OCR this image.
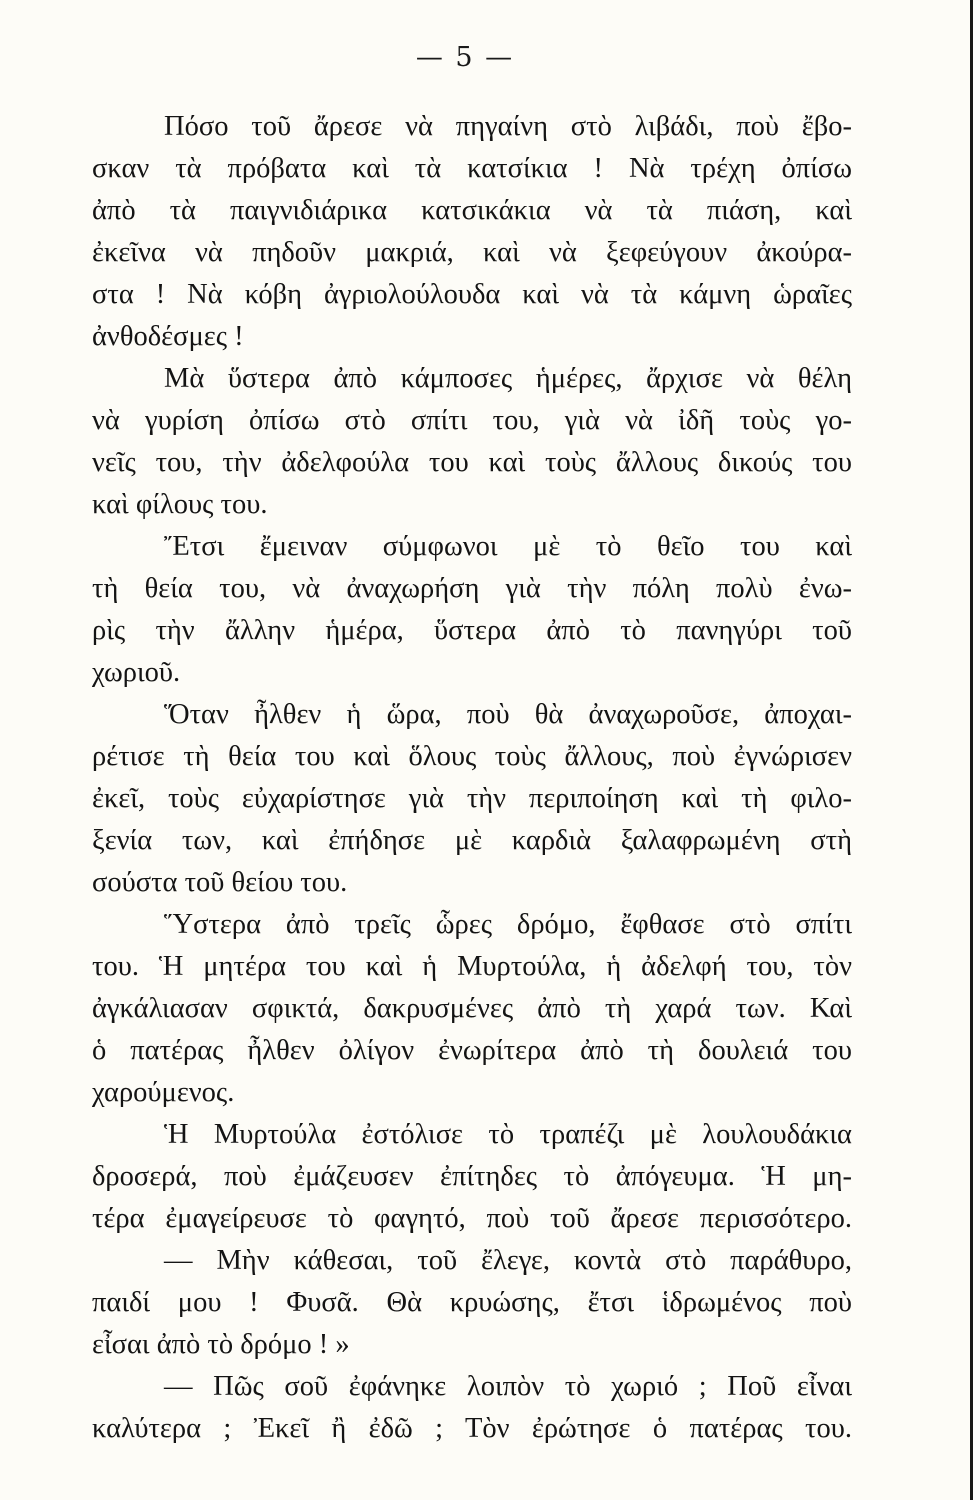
— 5 —
Πόσο τοῦ ἄρεσε νὰ πηγαίνη στὸ λιβάδι, ποὺ ἔβο-
σκαν τὰ πρόβατα καὶ τὰ κατσίκια ! Νὰ τρέχη ὀπίσω
ἀπὸ τὰ παιγνιδιάρικα κατσικάκια νὰ τὰ πιάση, καὶ
ἐκεῖνα νὰ πηδοῦν μακριά, καὶ νὰ ξεφεύγουν ἀκούρα-
στα ! Νὰ κόβη ἀγριολούλουδα καὶ νὰ τὰ κάμνη ὡραῖες
ἀνθοδέσμες !
Μὰ ὕστερα ἀπὸ κάμποσες ἡμέρες, ἄρχισε νὰ θέλη
νὰ γυρίση ὀπίσω στὸ σπίτι του, γιὰ νὰ ἰδῆ τοὺς γο-
νεῖς του, τὴν ἀδελφούλα του καὶ τοὺς ἄλλους δικούς του
καὶ φίλους του.
Ἔτσι ἔμειναν σύμφωνοι μὲ τὸ θεῖο του καὶ
τὴ θεία του, νὰ ἀναχωρήση γιὰ τὴν πόλη πολὺ ἐνω-
ρὶς τὴν ἄλλην ἡμέρα, ὕστερα ἀπὸ τὸ πανηγύρι τοῦ
χωριοῦ.
Ὅταν ἦλθεν ἡ ὥρα, ποὺ θὰ ἀναχωροῦσε, ἀποχαι-
ρέτισε τὴ θεία του καὶ ὅλους τοὺς ἄλλους, ποὺ ἐγνώρισεν
ἐκεῖ, τοὺς εὐχαρίστησε γιὰ τὴν περιποίηση καὶ τὴ φιλο-
ξενία των, καὶ ἐπήδησε μὲ καρδιὰ ξαλαφρωμένη στὴ
σούστα τοῦ θείου του.
Ὕστερα ἀπὸ τρεῖς ὧρες δρόμο, ἔφθασε στὸ σπίτι
του. Ἡ μητέρα του καὶ ἡ Μυρτούλα, ἡ ἀδελφή του, τὸν
ἀγκάλιασαν σφικτά, δακρυσμένες ἀπὸ τὴ χαρά των. Καὶ
ὁ πατέρας ἦλθεν ὀλίγον ἐνωρίτερα ἀπὸ τὴ δουλειά του
χαρούμενος.
Ἡ Μυρτούλα ἐστόλισε τὸ τραπέζι μὲ λουλουδάκια
δροσερά, ποὺ ἐμάζευσεν ἐπίτηδες τὸ ἀπόγευμα. Ἡ μη-
τέρα ἐμαγείρευσε τὸ φαγητό, ποὺ τοῦ ἄρεσε περισσότερο.
— Μὴν κάθεσαι, τοῦ ἔλεγε, κοντὰ στὸ παράθυρο,
παιδί μου ! Φυσᾶ. Θὰ κρυώσης, ἔτσι ἱδρωμένος ποὺ
εἶσαι ἀπὸ τὸ δρόμο ! »
— Πῶς σοῦ ἐφάνηκε λοιπὸν τὸ χωριό ; Ποῦ εἶναι
καλύτερα ; Ἐκεῖ ἢ ἐδῶ ; Τὸν ἐρώτησε ὁ πατέρας του.
